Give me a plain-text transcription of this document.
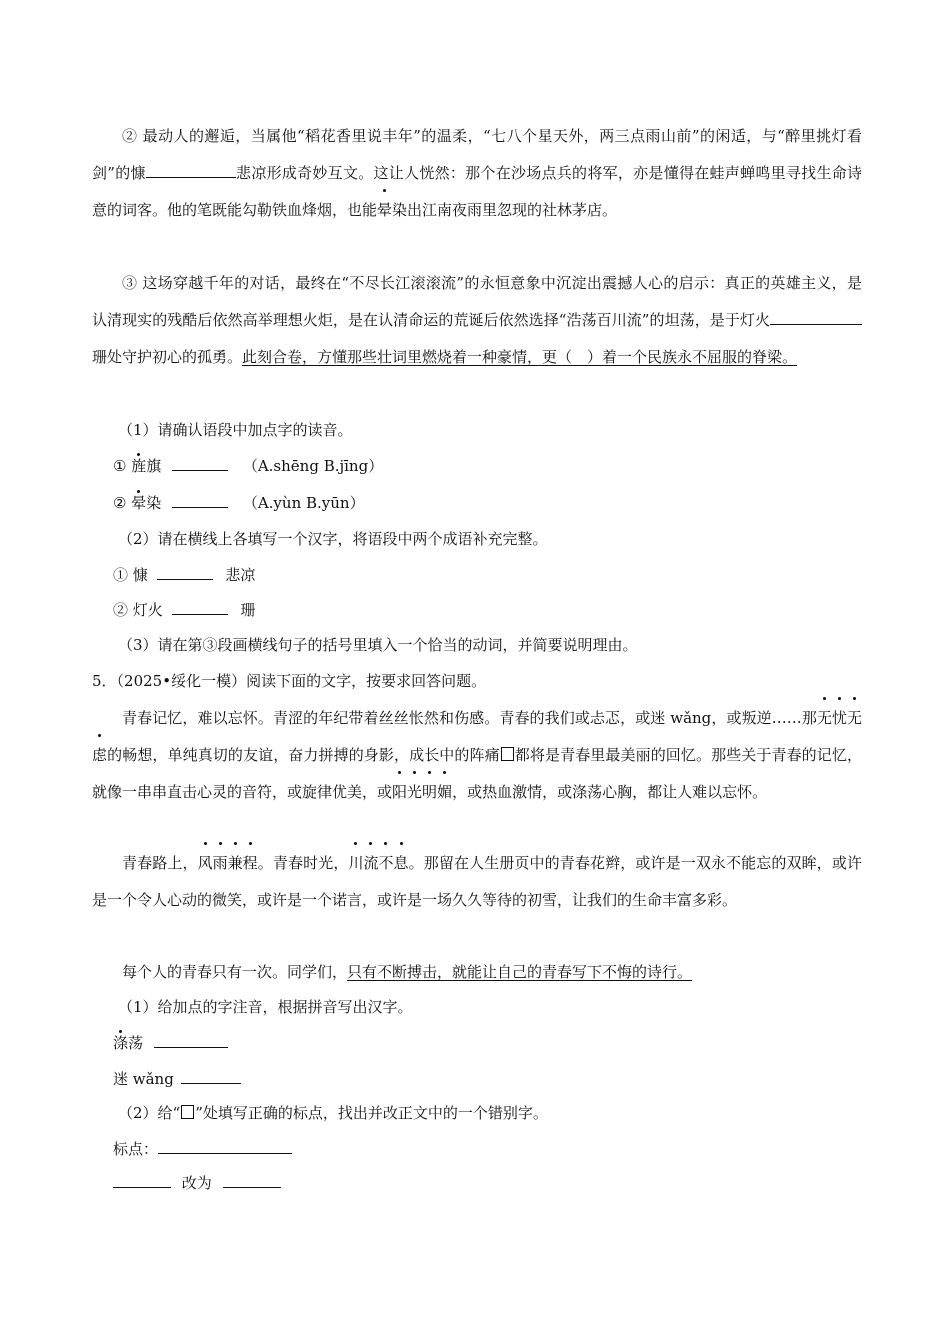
② 最动人的邂逅，当属他“稻花香里说丰年”的温柔，“七八个星天外，两三点雨山前”的闲适，与“醉里挑灯看剑”的慷	悲凉形成奇妙互文。这让人恍然：那个在沙场点兵的将军，亦是懂得在蛙声蝉鸣里寻找生命诗意的词客。他的笔既能勾勒铁血烽烟，也能晕染出江南夜雨里忽现的社林茅店。

③ 这场穿越千年的对话，最终在“不尽长江滚滚流”的永恒意象中沉淀出震撼人心的启示：真正的英雄主义，是认清现实的残酷后依然高举理想火炬，是在认清命运的荒诞后依然选择“浩荡百川流”的坦荡，是于灯火珊处守护初心的孤勇。此刻合卷，方懂那些壮词里燃烧着一种豪情，更（　）着一个民族永不屈服的脊梁。

（1）请确认语段中加点字的读音。
① 旌旗	（A.shēng B.jīng）
② 晕染	（A.yùn B.yūn）
（2）请在横线上各填写一个汉字，将语段中两个成语补充完整。
① 慷	悲凉
② 灯火	珊
（3）请在第③段画横线句子的括号里填入一个恰当的动词，并简要说明理由。
5．（2025•绥化一模）阅读下面的文字，按要求回答问题。

青春记忆，难以忘怀。青涩的年纪带着丝丝怅然和伤感。青春的我们或忐忑，或迷 wǎng，或叛逆……那无忧无虑的畅想，单纯真切的友谊，奋力拼搏的身影，成长中的阵痛 都将是青春里最美丽的回忆。那些关于青春的记忆，就像一串串直击心灵的音符，或旋律优美，或阳光明媚，或热血激情，或涤荡心胸，都让人难以忘怀。

青春路上，风雨兼程。青春时光，川流不息。那留在人生册页中的青春花辫，或许是一双永不能忘的双眸，或许是一个令人心动的微笑，或许是一个诺言，或许是一场久久等待的初雪，让我们的生命丰富多彩。

每个人的青春只有一次。同学们，只有不断搏击，就能让自己的青春写下不悔的诗行。
（1）给加点的字注音，根据拼音写出汉字。
涤荡
迷 wǎng
（2）给“ ”处填写正确的标点，找出并改正文中的一个错别字。
标点：
改为
